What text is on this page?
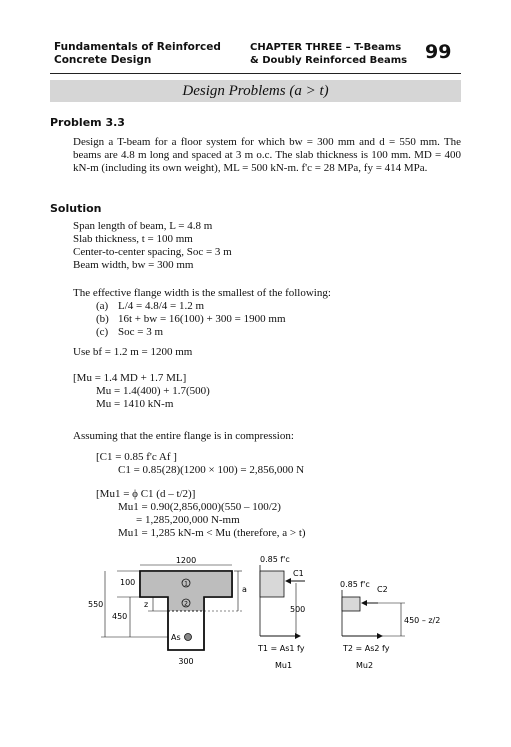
Fundamentals of Reinforced
Concrete Design
CHAPTER THREE – T-Beams
& Doubly Reinforced Beams 99
Design Problems (a > t)
Problem 3.3
Design a T-beam for a floor system for which bw = 300 mm and d = 550 mm. The beams are 4.8 m long and spaced at 3 m o.c. The slab thickness is 100 mm. MD = 400 kN-m (including its own weight), ML = 500 kN-m. f'c = 28 MPa, fy = 414 MPa.
Solution
Span length of beam, L = 4.8 m
Slab thickness, t = 100 mm
Center-to-center spacing, Soc = 3 m
Beam width, bw = 300 mm
The effective flange width is the smallest of the following:
(a) L/4 = 4.8/4 = 1.2 m
(b) 16t + bw = 16(100) + 300 = 1900 mm
(c) Soc = 3 m
Use bf = 1.2 m = 1200 mm
[Mu = 1.4 MD + 1.7 ML]
Mu = 1.4(400) + 1.7(500)
Mu = 1410 kN-m
Assuming that the entire flange is in compression:
[C1 = 0.85 f'c Af ]
C1 = 0.85(28)(1200 × 100) = 2,856,000 N
[Mu1 = ϕ C1 (d – t/2)]
Mu1 = 0.90(2,856,000)(550 – 100/2)
= 1,285,200,000 N-mm
Mu1 = 1,285 kN-m < Mu (therefore, a > t)
1
2
As
1200
100
550
450
z
a
300
0.85 f'c
C1
500
T1 = As1 fy
Mu1
0.85 f'c
C2
450 – z/2
T2 = As2 fy
Mu2
